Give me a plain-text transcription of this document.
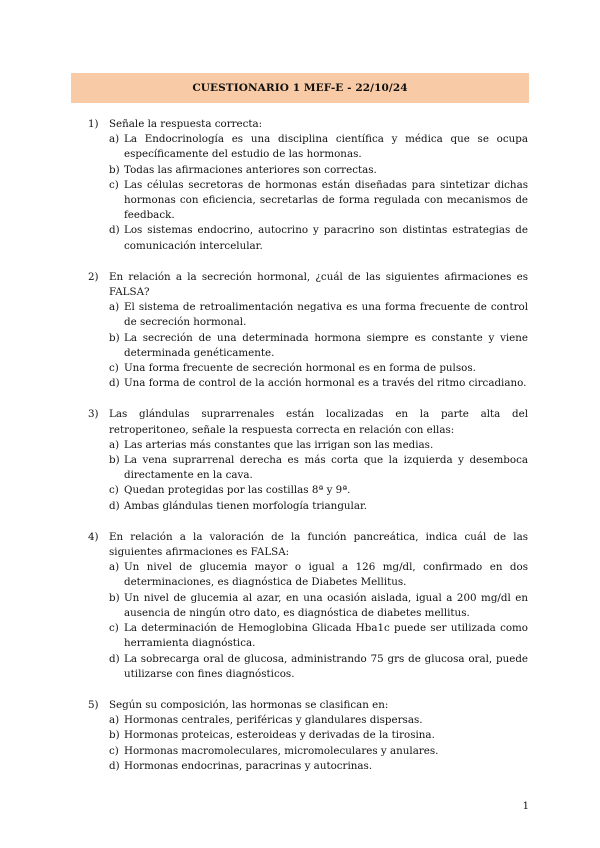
CUESTIONARIO 1 MEF-E - 22/10/24
1)	Señale la respuesta correcta:
a) La Endocrinología es una disciplina científica y médica que se ocupa específicamente del estudio de las hormonas.
b) Todas las afirmaciones anteriores son correctas.
c) Las células secretoras de hormonas están diseñadas para sintetizar dichas hormonas con eficiencia, secretarlas de forma regulada con mecanismos de feedback.
d) Los sistemas endocrino, autocrino y paracrino son distintas estrategias de comunicación intercelular.
2)	En relación a la secreción hormonal, ¿cuál de las siguientes afirmaciones es FALSA?
a) El sistema de retroalimentación negativa es una forma frecuente de control de secreción hormonal.
b) La secreción de una determinada hormona siempre es constante y viene determinada genéticamente.
c) Una forma frecuente de secreción hormonal es en forma de pulsos.
d) Una forma de control de la acción hormonal es a través del ritmo circadiano.
3)	Las glándulas suprarrenales están localizadas en la parte alta del retroperitoneo, señale la respuesta correcta en relación con ellas:
a) Las arterias más constantes que las irrigan son las medias.
b) La vena suprarrenal derecha es más corta que la izquierda y desemboca directamente en la cava.
c) Quedan protegidas por las costillas 8ª y 9ª.
d) Ambas glándulas tienen morfología triangular.
4)	En relación a la valoración de la función pancreática, indica cuál de las siguientes afirmaciones es FALSA:
a) Un nivel de glucemia mayor o igual a 126 mg/dl, confirmado en dos determinaciones, es diagnóstica de Diabetes Mellitus.
b) Un nivel de glucemia al azar, en una ocasión aislada, igual a 200 mg/dl en ausencia de ningún otro dato, es diagnóstica de diabetes mellitus.
c) La determinación de Hemoglobina Glicada Hba1c puede ser utilizada como herramienta diagnóstica.
d) La sobrecarga oral de glucosa, administrando 75 grs de glucosa oral, puede utilizarse con fines diagnósticos.
5)	Según su composición, las hormonas se clasifican en:
a) Hormonas centrales, periféricas y glandulares dispersas.
b) Hormonas proteicas, esteroideas y derivadas de la tirosina.
c) Hormonas macromoleculares, micromoleculares y anulares.
d) Hormonas endocrinas, paracrinas y autocrinas.
1
